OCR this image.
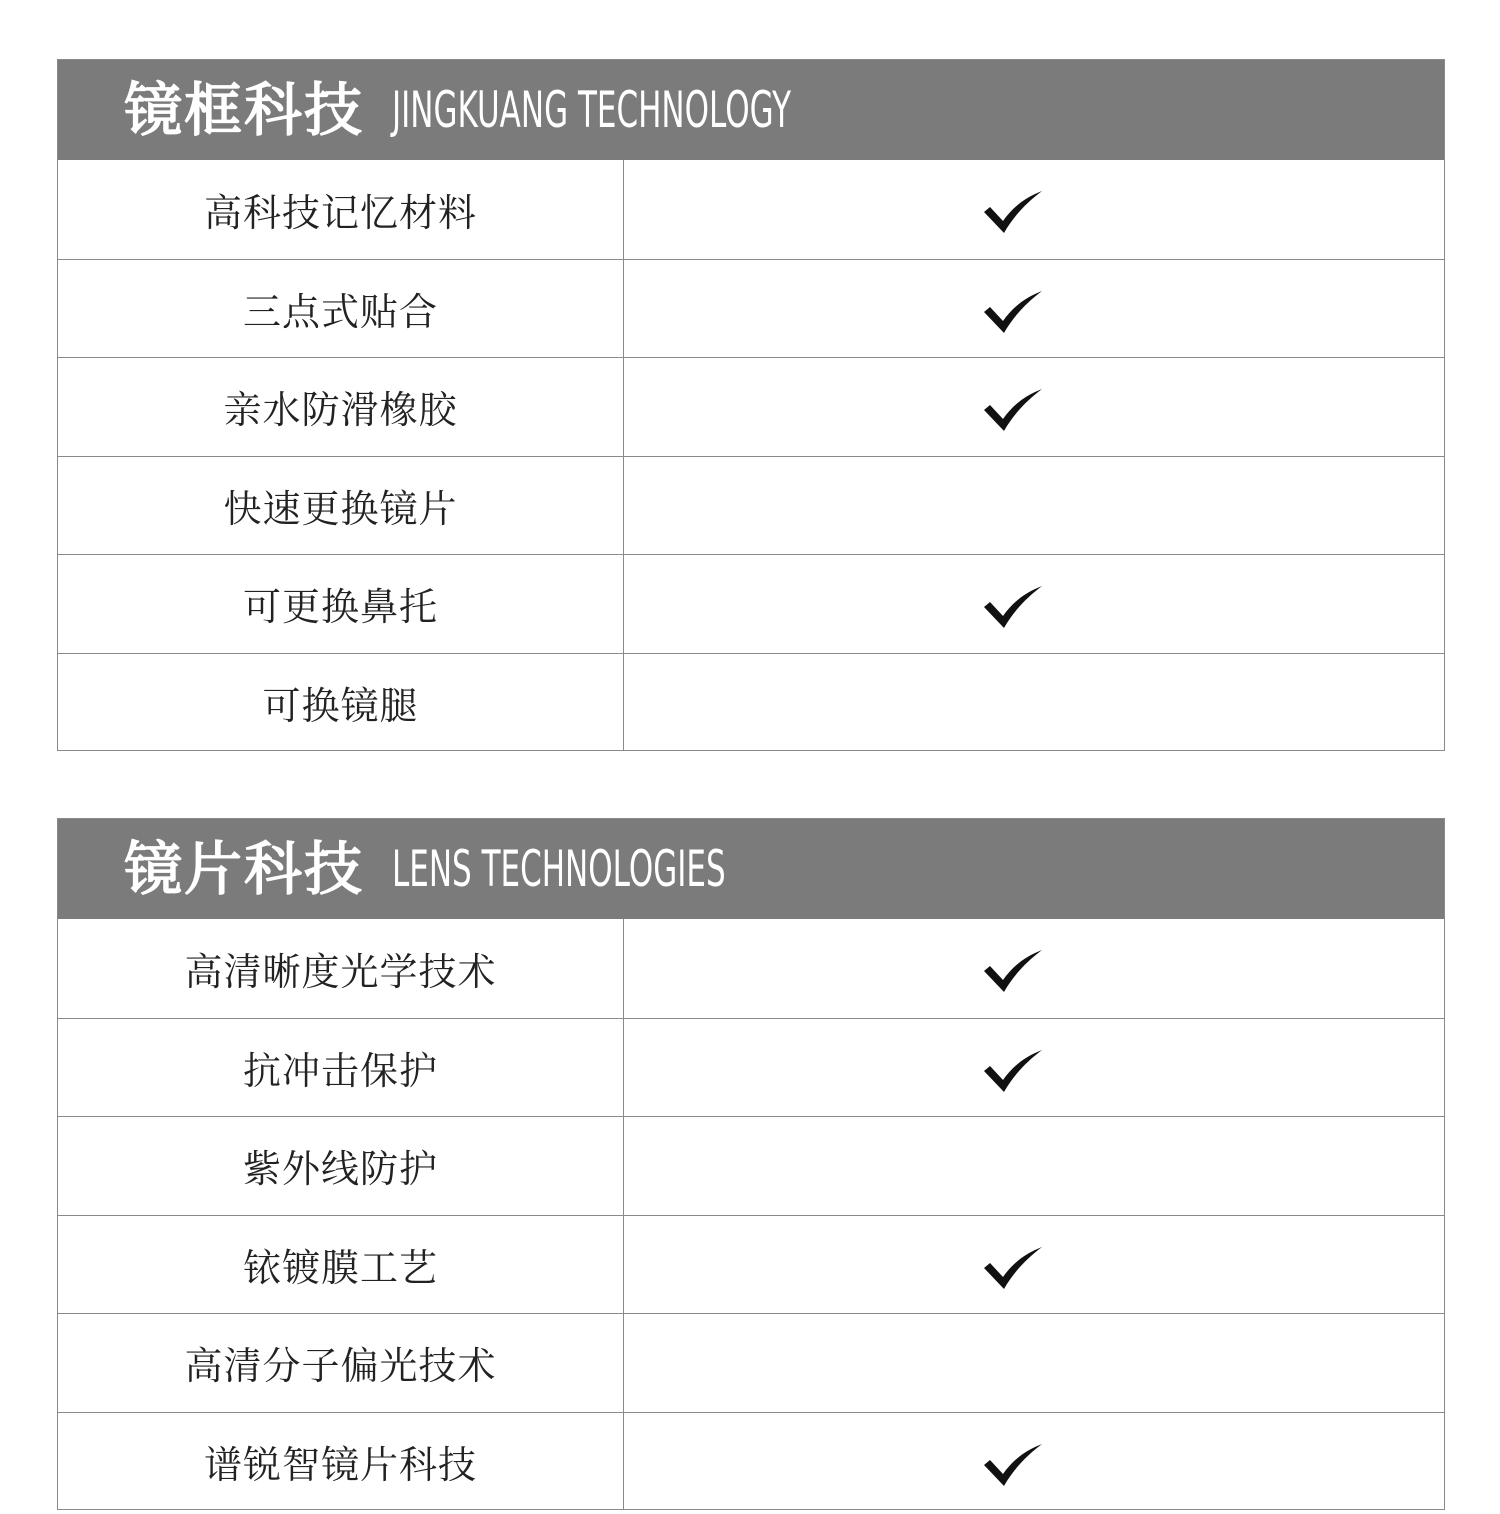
镜框科技 JINGKUANG TECHNOLOGY
高科技记忆材料
三点式贴合
亲水防滑橡胶
快速更换镜片
可更换鼻托
可换镜腿
镜片科技 LENS TECHNOLOGIES
高清晰度光学技术
抗冲击保护
紫外线防护
铱镀膜工艺
高清分子偏光技术
谱锐智镜片科技
